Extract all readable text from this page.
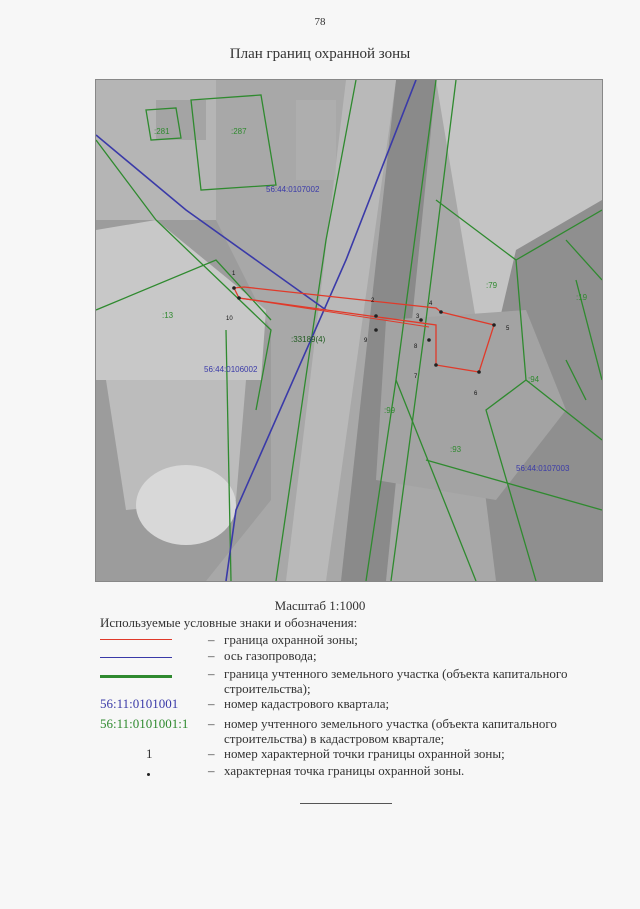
78
План границ охранной зоны
1
2
3
4
5
6
7
8
9
10
:281	:287
:13
:79
:19
:94
:99
:93
:33189(4)
56:44:0107002
56:44:0106002
56:44:0107003
Масштаб 1:1000
Используемые условные знаки и обозначения:
– граница охранной зоны;
– ось газопровода;
– граница учтенного земельного участка (объекта капитального строительства);
56:11:0101001 – номер кадастрового квартала;
56:11:0101001:1 – номер учтенного земельного участка (объекта капитального строительства) в кадастровом квартале;
1	– номер характерной точки границы охранной зоны;
– характерная точка границы охранной зоны.
